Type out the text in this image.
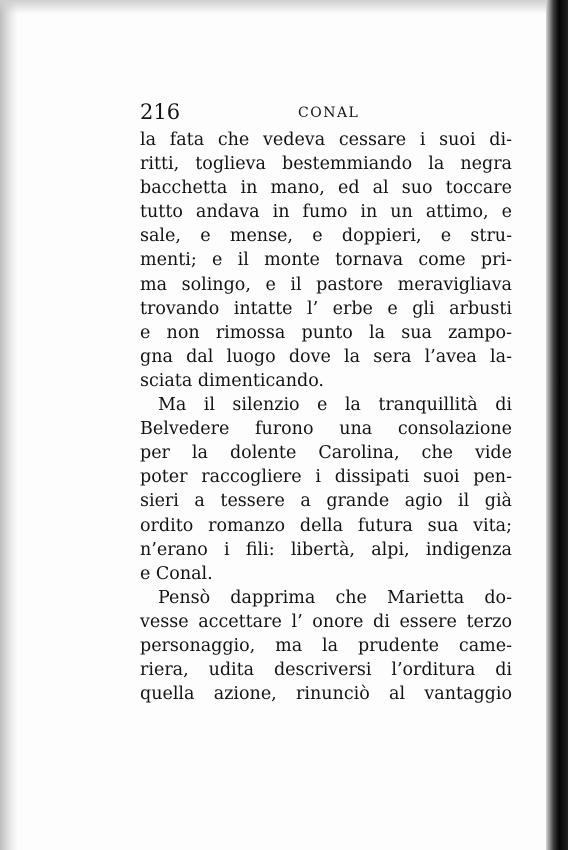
216	CONAL
la fata che vedeva cessare i suoi di-
ritti, toglieva bestemmiando la negra
bacchetta in mano, ed al suo toccare
tutto andava in fumo in un attimo, e
sale, e mense, e doppieri, e stru-
menti; e il monte tornava come pri-
ma solingo, e il pastore meravigliava
trovando intatte l’ erbe e gli arbusti
e non rimossa punto la sua zampo-
gna dal luogo dove la sera l’avea la-
sciata dimenticando.
Ma il silenzio e la tranquillità di
Belvedere furono una consolazione
per la dolente Carolina, che vide
poter raccogliere i dissipati suoi pen-
sieri a tessere a grande agio il già
ordito romanzo della futura sua vita;
n’erano i fili: libertà, alpi, indigenza
e Conal.
Pensò dapprima che Marietta do-
vesse accettare l’ onore di essere terzo
personaggio, ma la prudente came-
riera, udita descriversi l’orditura di
quella azione, rinunciò al vantaggio
